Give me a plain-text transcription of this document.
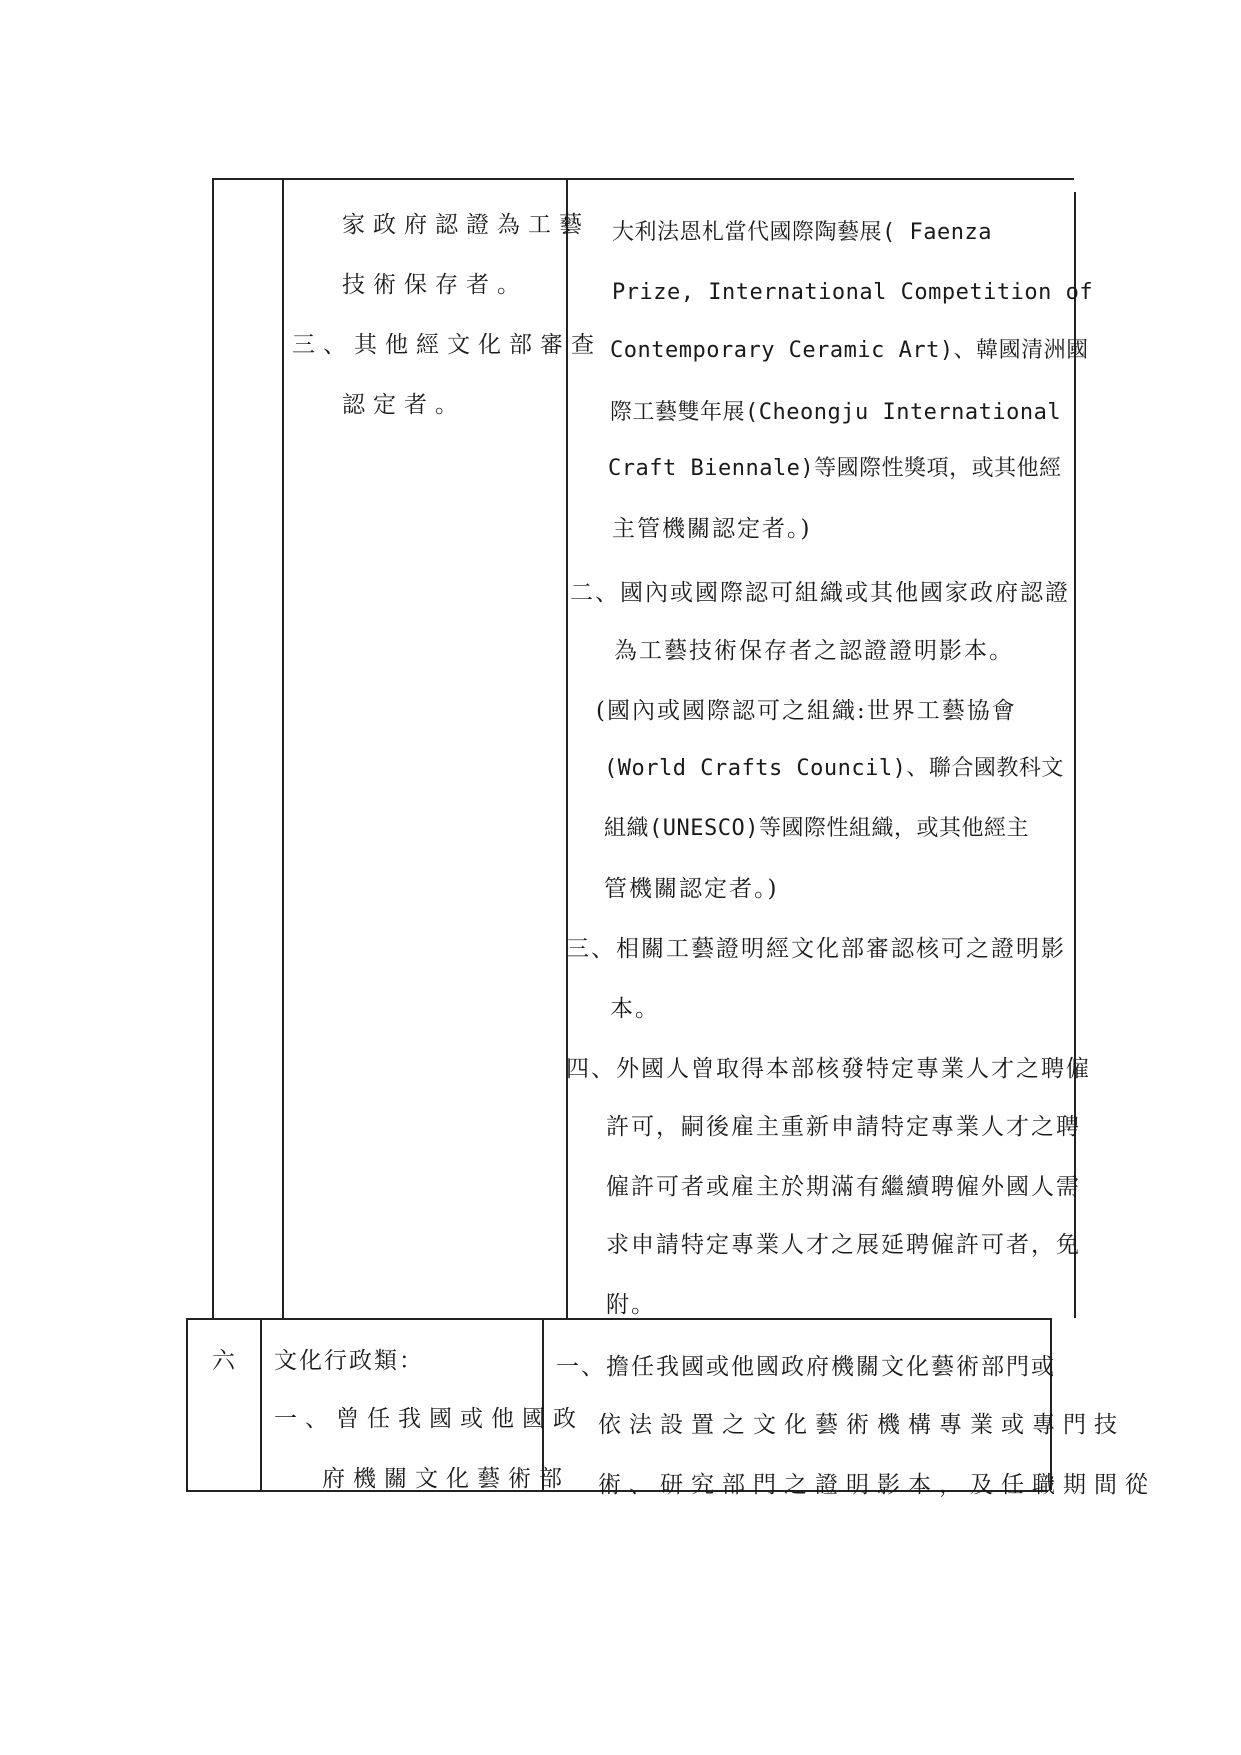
家政府認證為工藝
技術保存者。
三、其他經文化部審查
認定者。
大利法恩札當代國際陶藝展( Faenza
Prize, International Competition of
Contemporary Ceramic Art)、韓國清洲國
際工藝雙年展(Cheongju International
Craft Biennale)等國際性獎項，或其他經
主管機關認定者。)
二、國內或國際認可組織或其他國家政府認證
為工藝技術保存者之認證證明影本。
(國內或國際認可之組織:世界工藝協會
(World Crafts Council)、聯合國教科文
組織(UNESCO)等國際性組織，或其他經主
管機關認定者。)
三、相關工藝證明經文化部審認核可之證明影
本。
四、外國人曾取得本部核發特定專業人才之聘僱
許可，嗣後雇主重新申請特定專業人才之聘
僱許可者或雇主於期滿有繼續聘僱外國人需
求申請特定專業人才之展延聘僱許可者，免
附。
六 文化行政類：
一、曾任我國或他國政
府機關文化藝術部
一、擔任我國或他國政府機關文化藝術部門或
依法設置之文化藝術機構專業或專門技
術、研究部門之證明影本，及任職期間從
